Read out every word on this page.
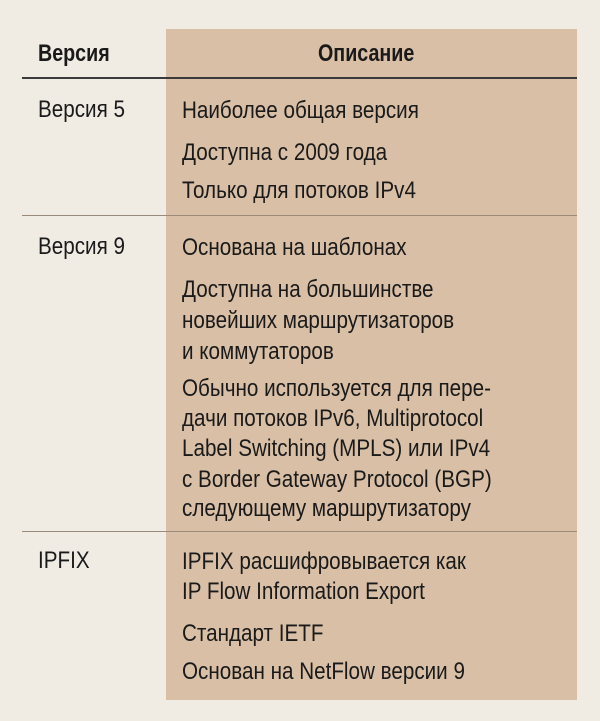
Версия	Описание
Версия 5 Наиболее общая версия
Доступна с 2009 года
Только для потоков IPv4
Версия 9 Основана на шаблонах
Доступна на большинстве
новейших маршрутизаторов
и коммутаторов
Обычно используется для пере-
дачи потоков IPv6, Multiprotocol
Label Switching (MPLS) или IPv4
с Border Gateway Protocol (BGP)
следующему маршрутизатору
IPFIX	IPFIX расшифровывается как
IP Flow Information Export
Стандарт IETF
Основан на NetFlow версии 9
